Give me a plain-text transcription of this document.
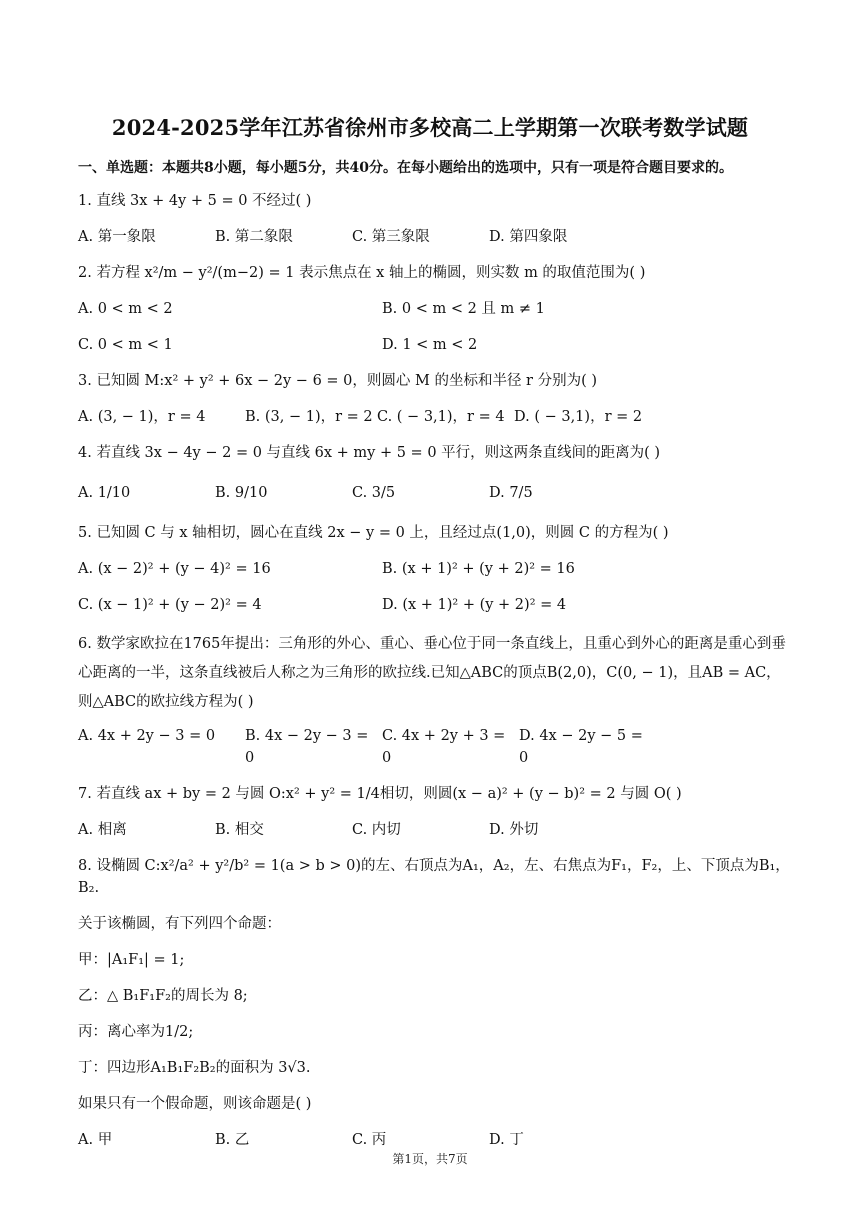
2024-2025学年江苏省徐州市多校高二上学期第一次联考数学试题
一、单选题：本题共8小题，每小题5分，共40分。在每小题给出的选项中，只有一项是符合题目要求的。
1. 直线 3x + 4y + 5 = 0 不经过( )
A. 第一象限	B. 第二象限	C. 第三象限	D. 第四象限
2. 若方程 x²/m − y²/(m−2) = 1 表示焦点在 x 轴上的椭圆，则实数 m 的取值范围为( )
A. 0 < m < 2	B. 0 < m < 2 且 m ≠ 1
C. 0 < m < 1	D. 1 < m < 2
3. 已知圆 M:x² + y² + 6x − 2y − 6 = 0，则圆心 M 的坐标和半径 r 分别为( )
A. (3, − 1)，r = 4	B. (3, − 1)，r = 2 C. ( − 3,1)，r = 4 D. ( − 3,1)，r = 2
4. 若直线 3x − 4y − 2 = 0 与直线 6x + my + 5 = 0 平行，则这两条直线间的距离为( )
A. 1/10	B. 9/10	C. 3/5	D. 7/5
5. 已知圆 C 与 x 轴相切，圆心在直线 2x − y = 0 上，且经过点(1,0)，则圆 C 的方程为( )
A. (x − 2)² + (y − 4)² = 16	B. (x + 1)² + (y + 2)² = 16
C. (x − 1)² + (y − 2)² = 4	D. (x + 1)² + (y + 2)² = 4
6. 数学家欧拉在1765年提出：三角形的外心、重心、垂心位于同一条直线上，且重心到外心的距离是重心到垂心距离的一半，这条直线被后人称之为三角形的欧拉线.已知△ABC的顶点B(2,0)，C(0, − 1)，且AB = AC，则△ABC的欧拉线方程为( )
A. 4x + 2y − 3 = 0	B. 4x − 2y − 3 = 0
C. 4x + 2y + 3 = 0
D. 4x − 2y − 5 = 0
7. 若直线 ax + by = 2 与圆 O:x² + y² = 1/4相切，则圆(x − a)² + (y − b)² = 2 与圆 O( )
A. 相离	B. 相交	C. 内切	D. 外切
8. 设椭圆 C:x²/a² + y²/b² = 1(a > b > 0)的左、右顶点为A₁，A₂，左、右焦点为F₁，F₂，上、下顶点为B₁，B₂.
关于该椭圆，有下列四个命题：
甲：|A₁F₁| = 1;
乙：△ B₁F₁F₂的周长为 8;
丙：离心率为1/2;
丁：四边形A₁B₁F₂B₂的面积为 3√3.
如果只有一个假命题，则该命题是( )
A. 甲	B. 乙	C. 丙	D. 丁
第1页，共7页
